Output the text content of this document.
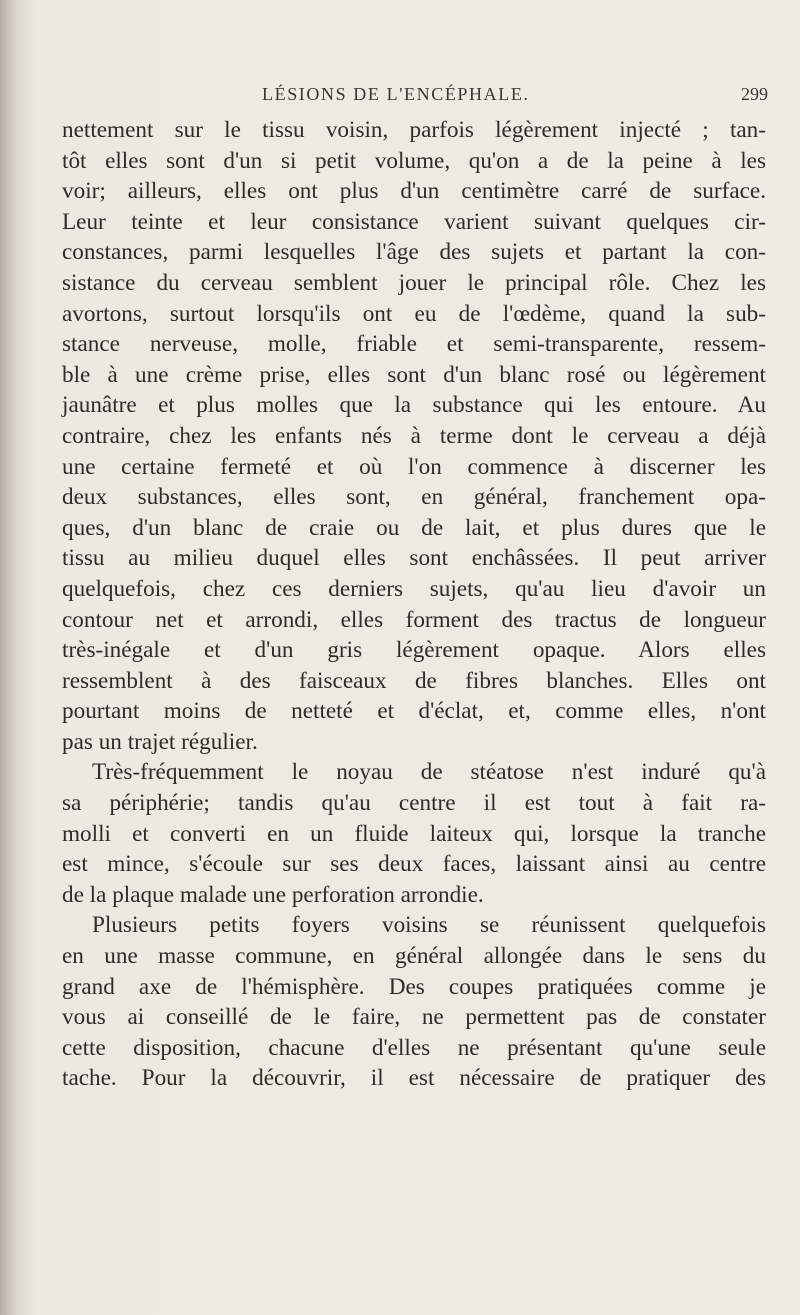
LÉSIONS DE L'ENCÉPHALE.	299
nettement sur le tissu voisin, parfois légèrement injecté ; tan-
tôt elles sont d'un si petit volume, qu'on a de la peine à les
voir; ailleurs, elles ont plus d'un centimètre carré de surface.
Leur teinte et leur consistance varient suivant quelques cir-
constances, parmi lesquelles l'âge des sujets et partant la con-
sistance du cerveau semblent jouer le principal rôle. Chez les
avortons, surtout lorsqu'ils ont eu de l'œdème, quand la sub-
stance nerveuse, molle, friable et semi-transparente, ressem-
ble à une crème prise, elles sont d'un blanc rosé ou légèrement
jaunâtre et plus molles que la substance qui les entoure. Au
contraire, chez les enfants nés à terme dont le cerveau a déjà
une certaine fermeté et où l'on commence à discerner les
deux substances, elles sont, en général, franchement opa-
ques, d'un blanc de craie ou de lait, et plus dures que le
tissu au milieu duquel elles sont enchâssées. Il peut arriver
quelquefois, chez ces derniers sujets, qu'au lieu d'avoir un
contour net et arrondi, elles forment des tractus de longueur
très-inégale et d'un gris légèrement opaque. Alors elles
ressemblent à des faisceaux de fibres blanches. Elles ont
pourtant moins de netteté et d'éclat, et, comme elles, n'ont
pas un trajet régulier.
Très-fréquemment le noyau de stéatose n'est induré qu'à
sa périphérie; tandis qu'au centre il est tout à fait ra-
molli et converti en un fluide laiteux qui, lorsque la tranche
est mince, s'écoule sur ses deux faces, laissant ainsi au centre
de la plaque malade une perforation arrondie.
Plusieurs petits foyers voisins se réunissent quelquefois
en une masse commune, en général allongée dans le sens du
grand axe de l'hémisphère. Des coupes pratiquées comme je
vous ai conseillé de le faire, ne permettent pas de constater
cette disposition, chacune d'elles ne présentant qu'une seule
tache. Pour la découvrir, il est nécessaire de pratiquer des
